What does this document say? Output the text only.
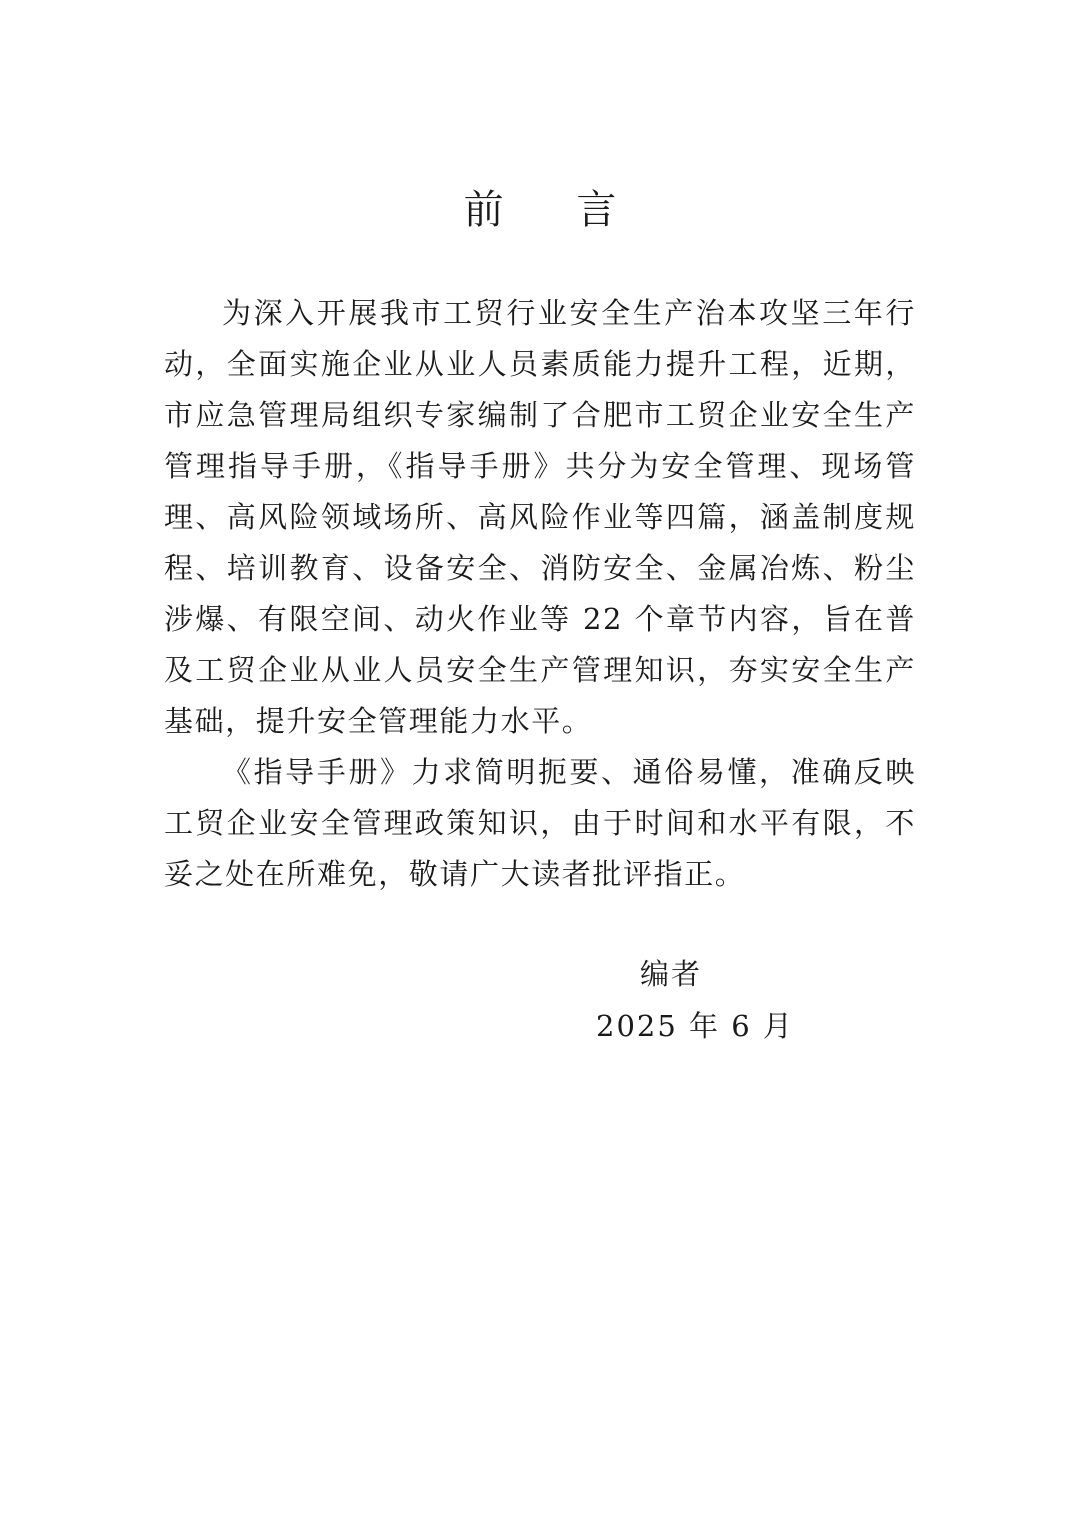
前 言

为深入开展我市工贸行业安全生产治本攻坚三年行动，全面实施企业从业人员素质能力提升工程，近期，市应急管理局组织专家编制了合肥市工贸企业安全生产管理指导手册，《指导手册》共分为安全管理、现场管理、高风险领域场所、高风险作业等四篇，涵盖制度规程、培训教育、设备安全、消防安全、金属冶炼、粉尘涉爆、有限空间、动火作业等 22 个章节内容，旨在普及工贸企业从业人员安全生产管理知识，夯实安全生产基础，提升安全管理能力水平。

《指导手册》力求简明扼要、通俗易懂，准确反映工贸企业安全管理政策知识，由于时间和水平有限，不妥之处在所难免，敬请广大读者批评指正。

编者
2025 年 6 月
